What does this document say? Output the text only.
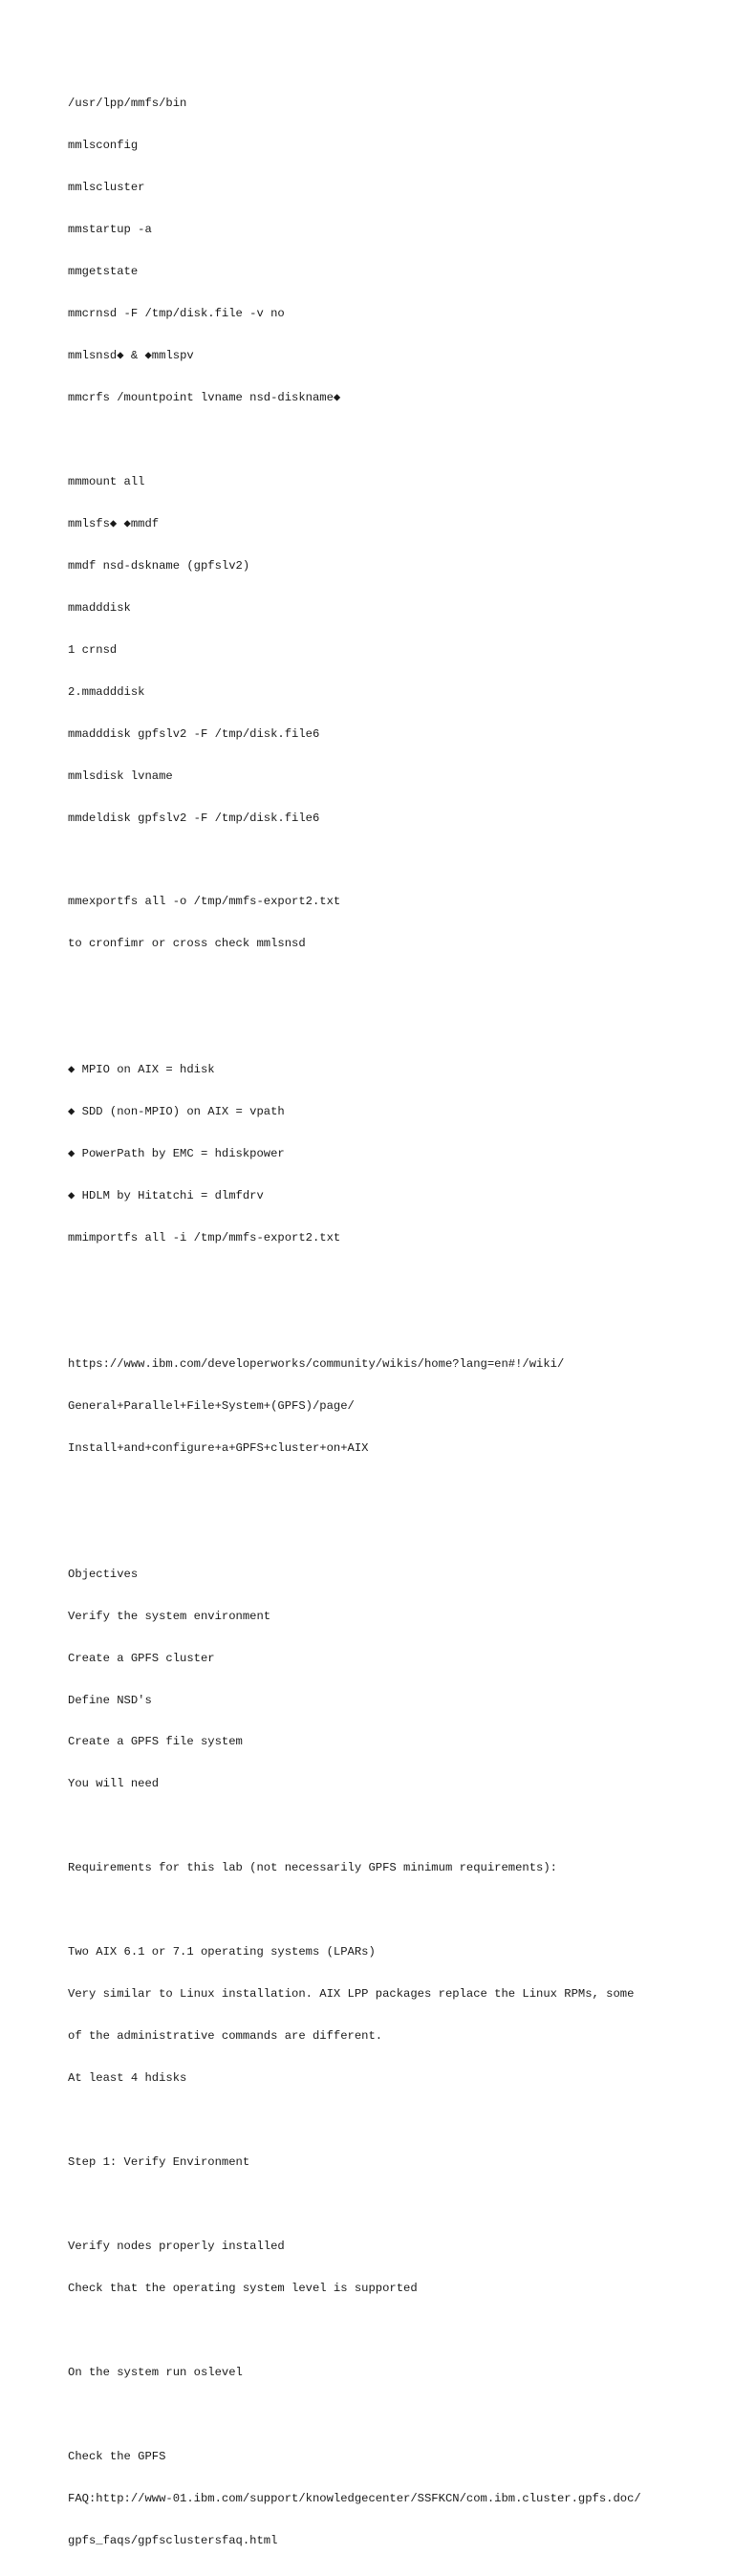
/usr/lpp/mmfs/bin

mmlsconfig

mmlscluster

mmstartup -a

mmgetstate

mmcrnsd -F /tmp/disk.file -v no

mmlsnsd◆ & ◆mmlspv

mmcrfs /mountpoint lvname nsd-diskname◆

mmmount all

mmlsfs◆ ◆mmdf

mmdf nsd-dskname (gpfslv2)

mmadddisk

1 crnsd

2.mmadddisk

mmadddisk gpfslv2 -F /tmp/disk.file6

mmlsdisk lvname

mmdeldisk gpfslv2 -F /tmp/disk.file6

mmexportfs all -o /tmp/mmfs-export2.txt

to cronfimr or cross check mmlsnsd

◆ MPIO on AIX = hdisk

◆ SDD (non-MPIO) on AIX = vpath

◆ PowerPath by EMC = hdiskpower

◆ HDLM by Hitatchi = dlmfdrv

mmimportfs all -i /tmp/mmfs-export2.txt

https://www.ibm.com/developerworks/community/wikis/home?lang=en#!/wiki/

General+Parallel+File+System+(GPFS)/page/

Install+and+configure+a+GPFS+cluster+on+AIX

Objectives

Verify the system environment

Create a GPFS cluster

Define NSD's

Create a GPFS file system

You will need

Requirements for this lab (not necessarily GPFS minimum requirements):

Two AIX 6.1 or 7.1 operating systems (LPARs)

Very similar to Linux installation. AIX LPP packages replace the Linux RPMs, some

of the administrative commands are different.

At least 4 hdisks

Step 1: Verify Environment

Verify nodes properly installed

Check that the operating system level is supported

On the system run oslevel

Check the GPFS

FAQ:http://www-01.ibm.com/support/knowledgecenter/SSFKCN/com.ibm.cluster.gpfs.doc/

gpfs_faqs/gpfsclustersfaq.html
